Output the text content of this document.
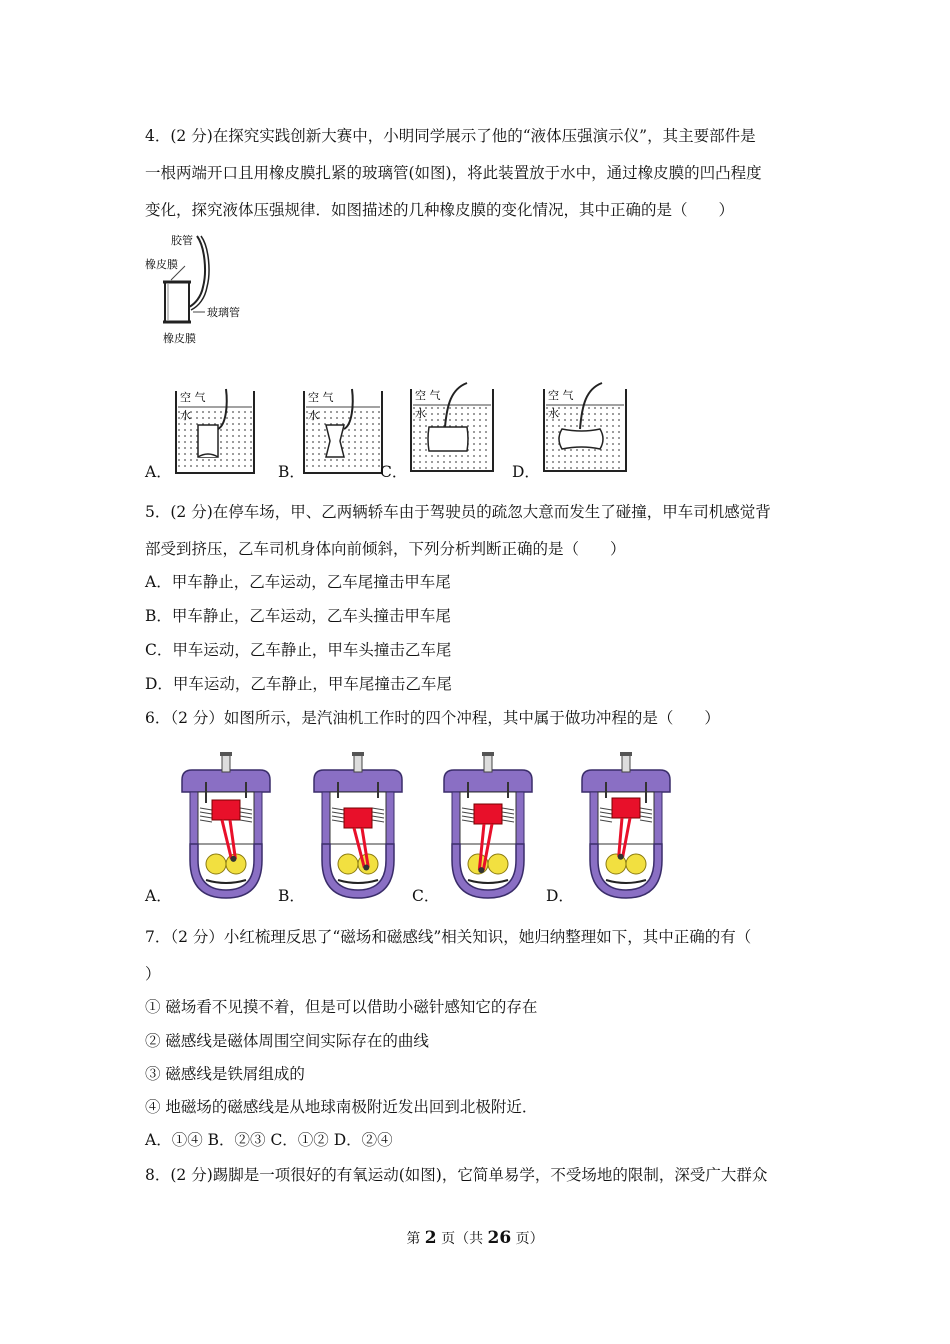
4．(2 分)在探究实践创新大赛中，小明同学展示了他的“液体压强演示仪”，其主要部件是
一根两端开口且用橡皮膜扎紧的玻璃管(如图)，将此装置放于水中，通过橡皮膜的凹凸程度
变化，探究液体压强规律．如图描述的几种橡皮膜的变化情况，其中正确的是（　　）
胶管
橡皮膜
玻璃管
橡皮膜
空 气
水
空 气
水
空 气
水
空 气
水
A．	B．	C．	D．
5．(2 分)在停车场，甲、乙两辆轿车由于驾驶员的疏忽大意而发生了碰撞，甲车司机感觉背
部受到挤压，乙车司机身体向前倾斜，下列分析判断正确的是（　　）
A．甲车静止，乙车运动，乙车尾撞击甲车尾
B．甲车静止，乙车运动，乙车头撞击甲车尾
C．甲车运动，乙车静止，甲车头撞击乙车尾
D．甲车运动，乙车静止，甲车尾撞击乙车尾
6．（2 分）如图所示，是汽油机工作时的四个冲程，其中属于做功冲程的是（　　）
A．	B．	C．	D．
7．（2 分）小红梳理反思了“磁场和磁感线”相关知识，她归纳整理如下，其中正确的有（
）
① 磁场看不见摸不着，但是可以借助小磁针感知它的存在
② 磁感线是磁体周围空间实际存在的曲线
③ 磁感线是铁屑组成的
④ 地磁场的磁感线是从地球南极附近发出回到北极附近．
A．①④ B．②③ C．①② D．②④
8．(2 分)踢脚是一项很好的有氧运动(如图)，它简单易学，不受场地的限制，深受广大群众
第 2 页（共 26 页）
